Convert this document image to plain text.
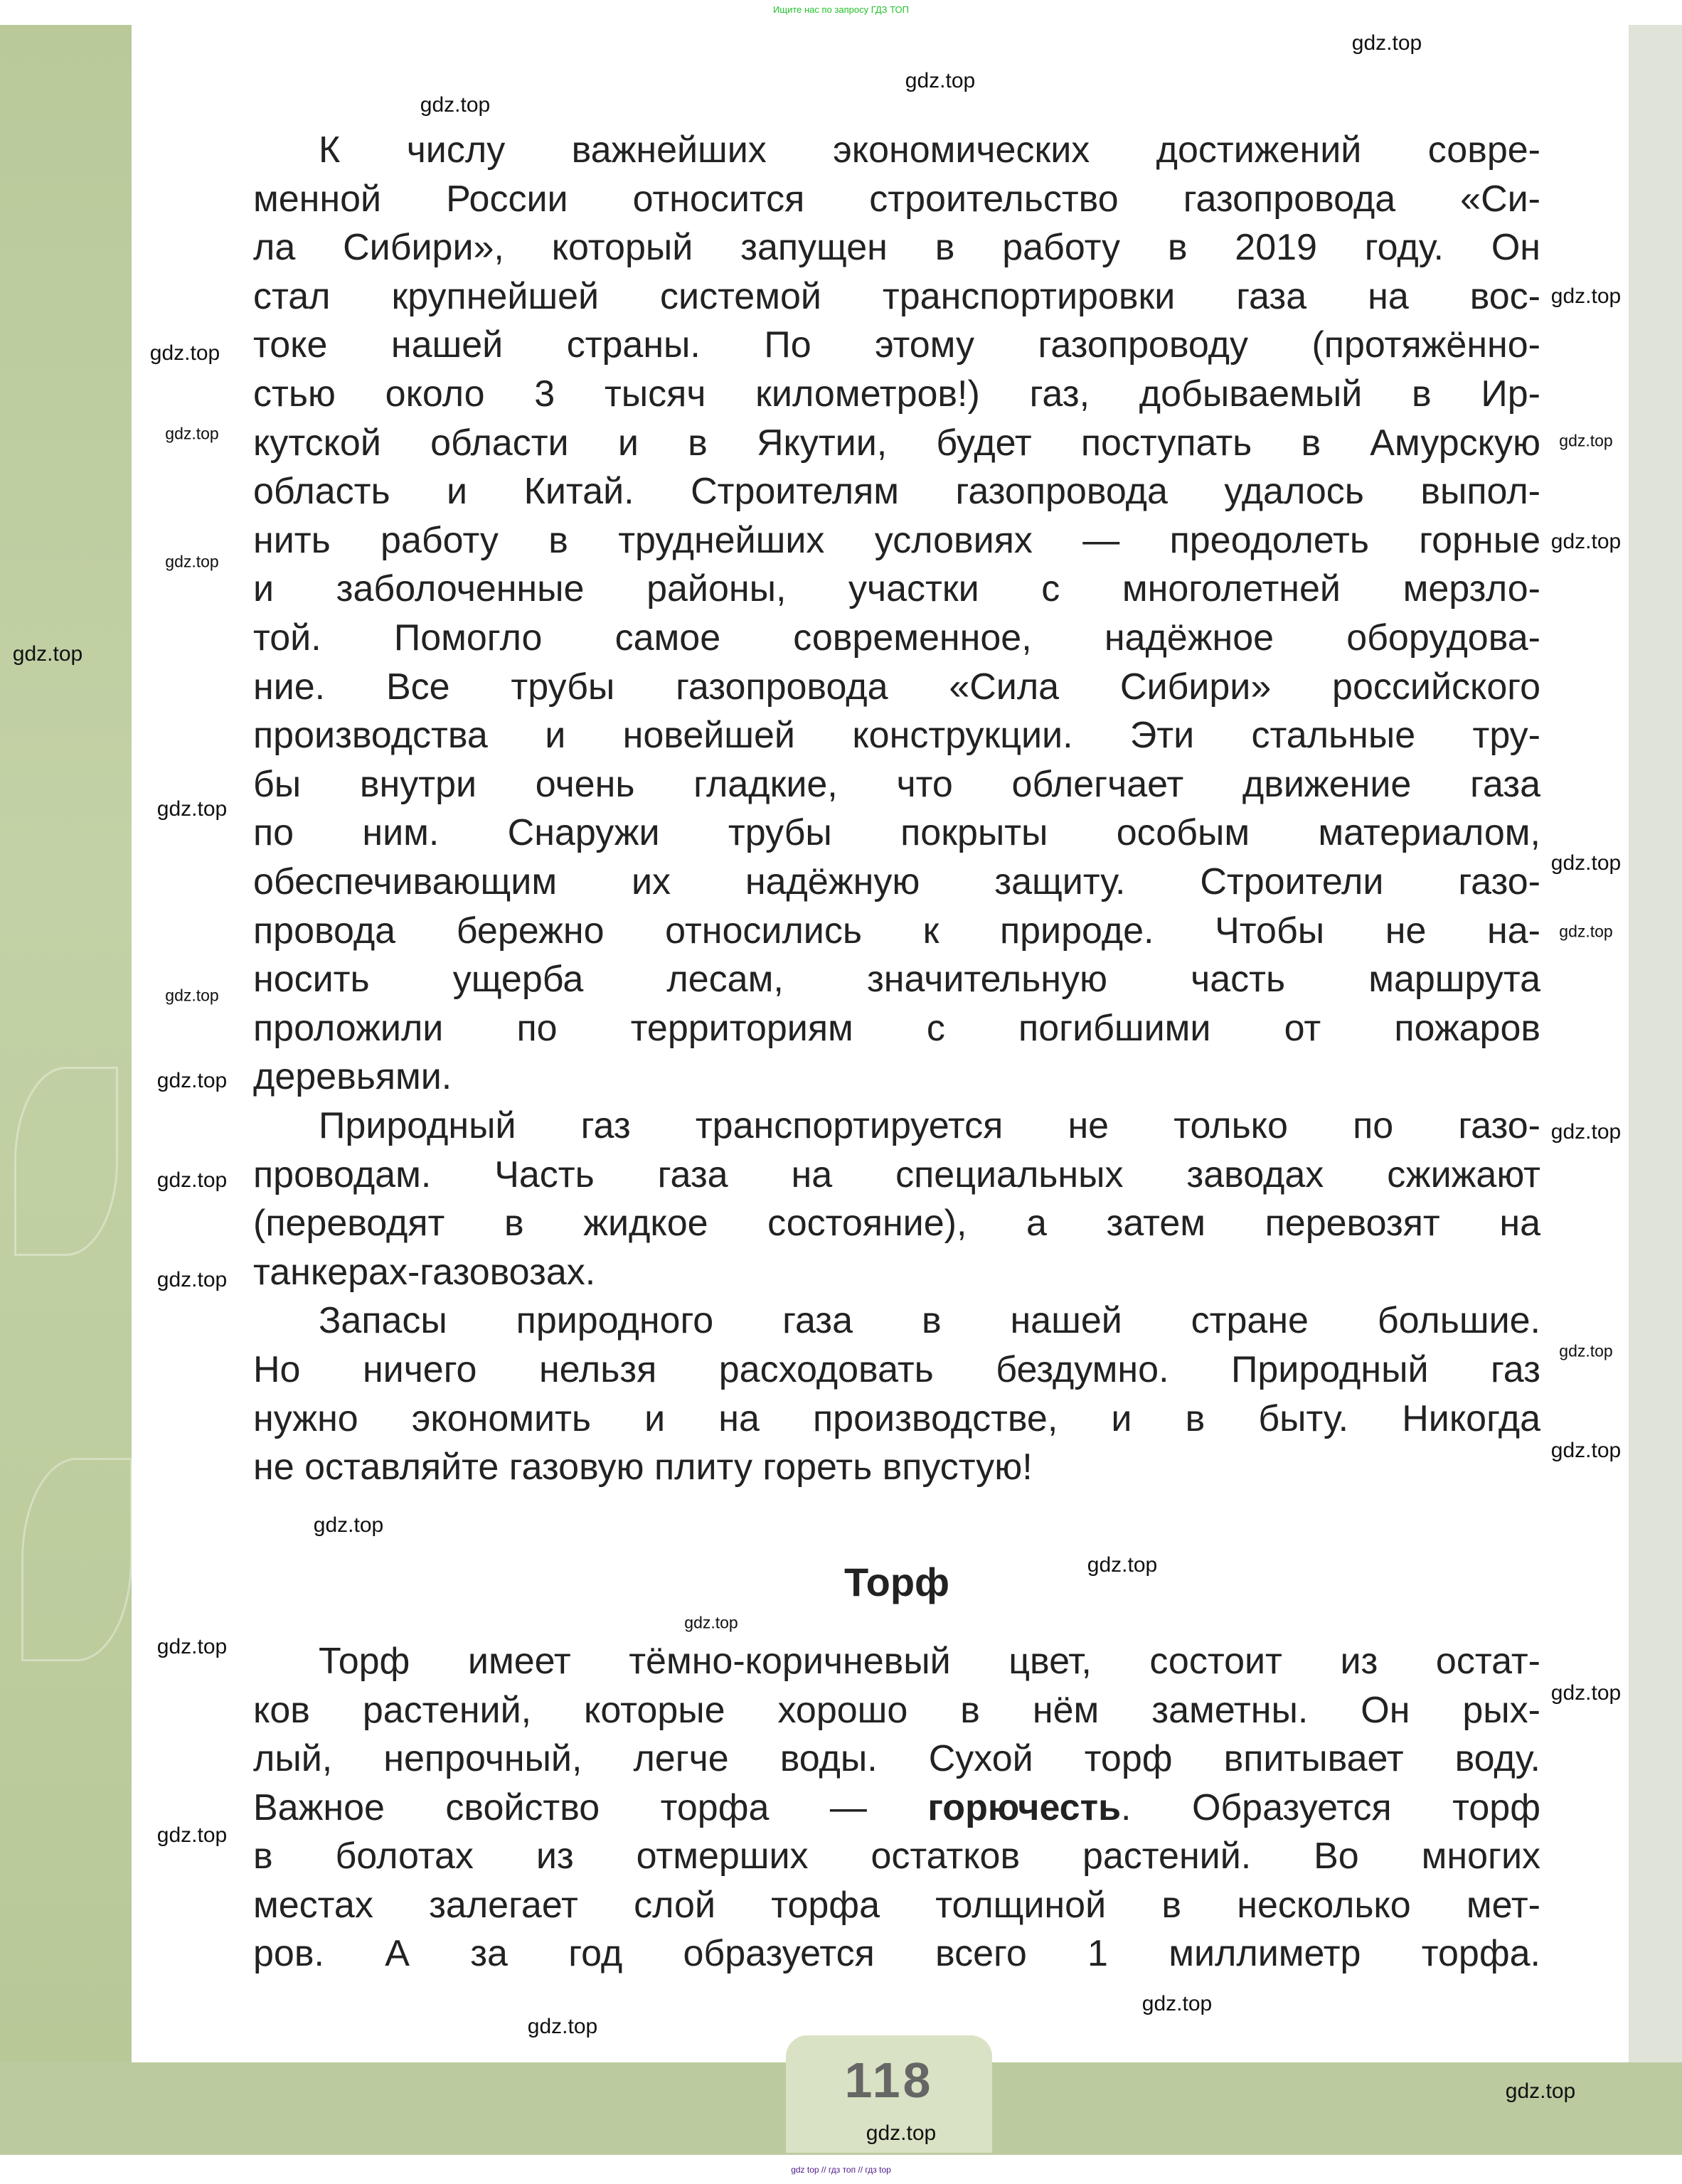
Ищите нас по запросу ГДЗ ТОП
К числу важнейших экономических достижений совре-
менной России относится строительство газопровода «Си-
ла Сибири», который запущен в работу в 2019 году. Он
стал крупнейшей системой транспортировки газа на вос-
токе нашей страны. По этому газопроводу (протяжённо-
стью около 3 тысяч километров!) газ, добываемый в Ир-
кутской области и в Якутии, будет поступать в Амурскую
область и Китай. Строителям газопровода удалось выпол-
нить работу в труднейших условиях — преодолеть горные
и заболоченные районы, участки с многолетней мерзло-
той. Помогло самое современное, надёжное оборудова-
ние. Все трубы газопровода «Сила Сибири» российского
производства и новейшей конструкции. Эти стальные тру-
бы внутри очень гладкие, что облегчает движение газа
по ним. Снаружи трубы покрыты особым материалом,
обеспечивающим их надёжную защиту. Строители газо-
провода бережно относились к природе. Чтобы не на-
носить ущерба лесам, значительную часть маршрута
проложили по территориям с погибшими от пожаров
деревьями.
Природный газ транспортируется не только по газо-
проводам. Часть газа на специальных заводах сжижают
(переводят в жидкое состояние), а затем перевозят на
танкерах-газовозах.
Запасы природного газа в нашей стране большие.
Но ничего нельзя расходовать бездумно. Природный газ
нужно экономить и на производстве, и в быту. Никогда
не оставляйте газовую плиту гореть впустую!
Торф
Торф имеет тёмно-коричневый цвет, состоит из остат-
ков растений, которые хорошо в нём заметны. Он рых-
лый, непрочный, легче воды. Сухой торф впитывает воду.
Важное свойство торфа — горючесть. Образуется торф
в болотах из отмерших остатков растений. Во многих
местах залегает слой торфа толщиной в несколько мет-
ров. А за год образуется всего 1 миллиметр торфа.
118
gdz.top
gdz.top
gdz.top
gdz.top
gdz.top
gdz.top	gdz.top
gdz.top
gdz.top
gdz.top
gdz.top
gdz.top
gdz.top
gdz.top
gdz.top
gdz.top
gdz.top
gdz.top
gdz.top
gdz.top
gdz.top
gdz.top
gdz.top
gdz.top
gdz.top
gdz.top
gdz.top
gdz.top
gdz.top
gdz.top
gdz top // гдз топ // гдз top
